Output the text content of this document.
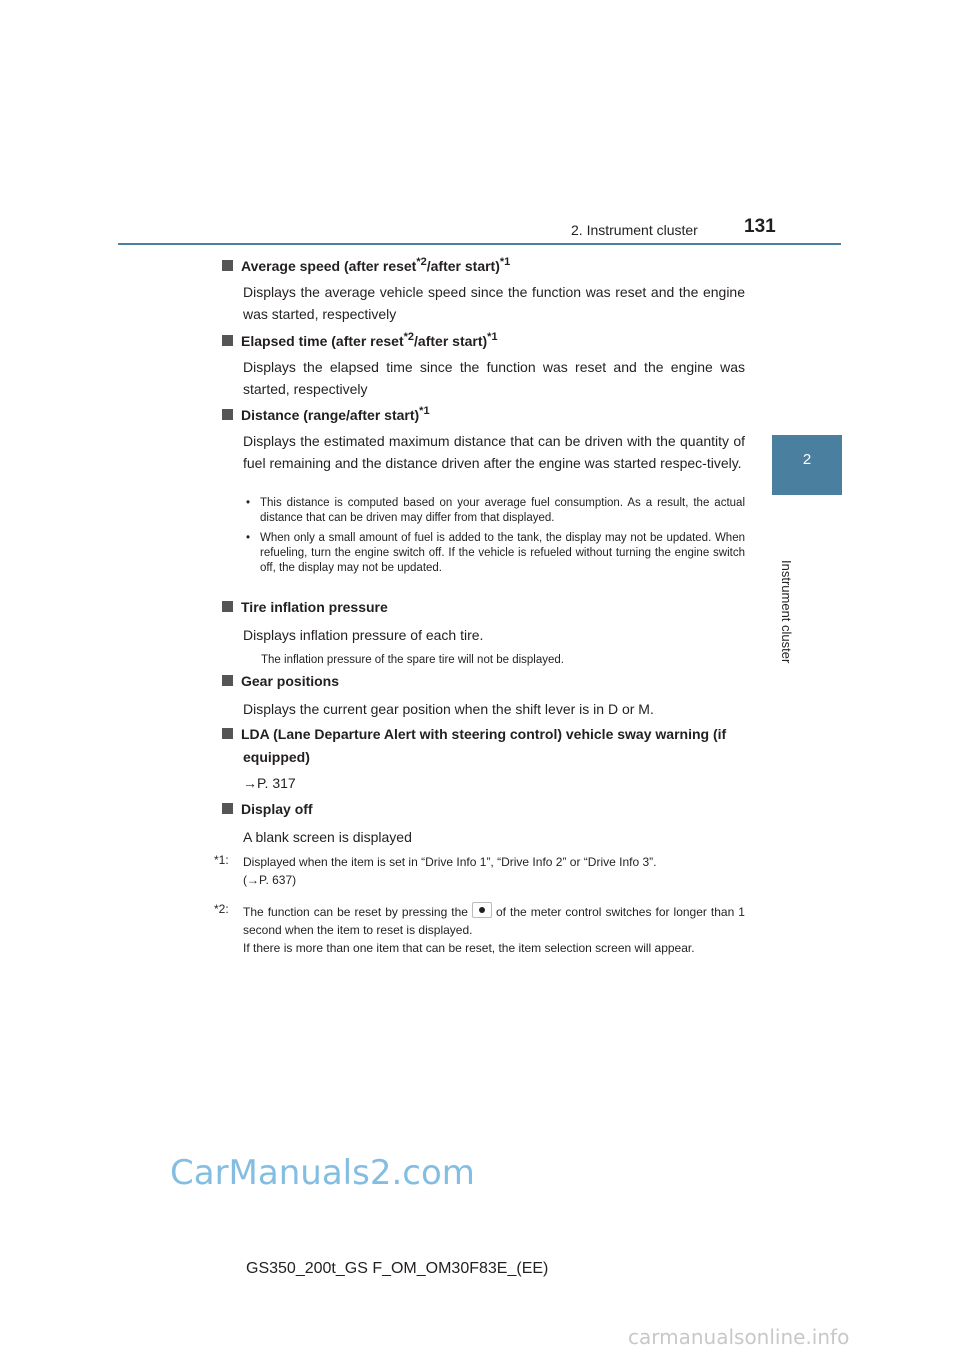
2. Instrument cluster 131
2
Instrument cluster
Average speed (after reset$^{*2}$/after start)$^{*1}$
Displays the average vehicle speed since the function was reset and the engine was started, respectively
Elapsed time (after reset$^{*2}$/after start)$^{*1}$
Displays the elapsed time since the function was reset and the engine was started, respectively
Distance (range/after start)$^{*1}$
Displays the estimated maximum distance that can be driven with the quantity of fuel remaining and the distance driven after the engine was started respec-tively.
• This distance is computed based on your average fuel consumption. As a result, the actual distance that can be driven may differ from that displayed.
• When only a small amount of fuel is added to the tank, the display may not be updated. When refueling, turn the engine switch off. If the vehicle is refueled without turning the engine switch off, the display may not be updated.
Tire inflation pressure
Displays inflation pressure of each tire.
The inflation pressure of the spare tire will not be displayed.
Gear positions
Displays the current gear position when the shift lever is in D or M.
LDA (Lane Departure Alert with steering control) vehicle sway warning (if
equipped)
→P. 317
Display off
A blank screen is displayed
*1: Displayed when the item is set in “Drive Info 1”, “Drive Info 2” or “Drive Info 3”.
(→P. 637)
*2: The function can be reset by pressing the of the meter control switches for longer than 1 second when the item to reset is displayed.
If there is more than one item that can be reset, the item selection screen will appear.
CarManuals2.com
GS350_200t_GS F_OM_OM30F83E_(EE)
carmanualsonline.info
